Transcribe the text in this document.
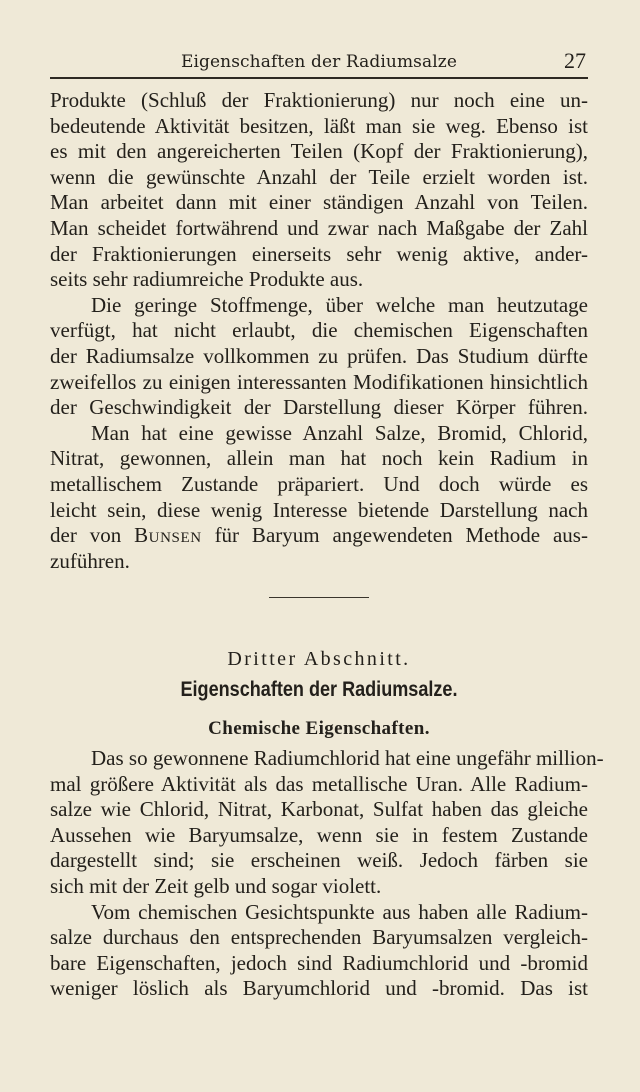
Eigenschaften der Radiumsalze	27
Produkte (Schluß der Fraktionierung) nur noch eine un-
bedeutende Aktivität besitzen, läßt man sie weg. Ebenso ist
es mit den angereicherten Teilen (Kopf der Fraktionierung),
wenn die gewünschte Anzahl der Teile erzielt worden ist.
Man arbeitet dann mit einer ständigen Anzahl von Teilen.
Man scheidet fortwährend und zwar nach Maßgabe der Zahl
der Fraktionierungen einerseits sehr wenig aktive, ander-
seits sehr radiumreiche Produkte aus.
Die geringe Stoffmenge, über welche man heutzutage
verfügt, hat nicht erlaubt, die chemischen Eigenschaften
der Radiumsalze vollkommen zu prüfen. Das Studium dürfte
zweifellos zu einigen interessanten Modifikationen hinsichtlich
der Geschwindigkeit der Darstellung dieser Körper führen.
Man hat eine gewisse Anzahl Salze, Bromid, Chlorid,
Nitrat, gewonnen, allein man hat noch kein Radium in
metallischem Zustande präpariert. Und doch würde es
leicht sein, diese wenig Interesse bietende Darstellung nach
der von Bunsen für Baryum angewendeten Methode aus-
zuführen.
Dritter Abschnitt.
Eigenschaften der Radiumsalze.
Chemische Eigenschaften.
Das so gewonnene Radiumchlorid hat eine ungefähr million-
mal größere Aktivität als das metallische Uran. Alle Radium-
salze wie Chlorid, Nitrat, Karbonat, Sulfat haben das gleiche
Aussehen wie Baryumsalze, wenn sie in festem Zustande
dargestellt sind; sie erscheinen weiß. Jedoch färben sie
sich mit der Zeit gelb und sogar violett.
Vom chemischen Gesichtspunkte aus haben alle Radium-
salze durchaus den entsprechenden Baryumsalzen vergleich-
bare Eigenschaften, jedoch sind Radiumchlorid und -bromid
weniger löslich als Baryumchlorid und -bromid. Das ist
